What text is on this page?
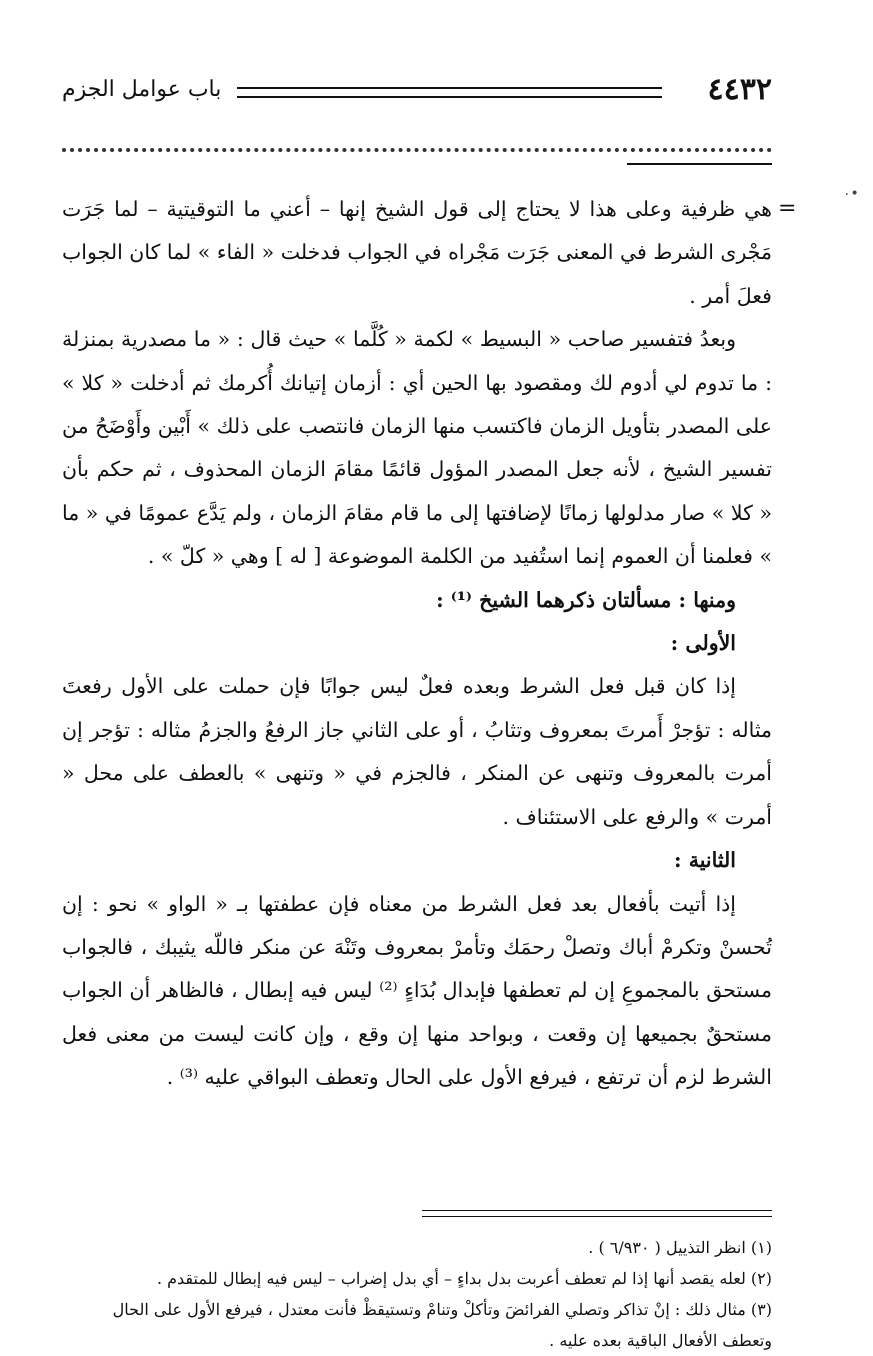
٤٤٣٢
باب عوامل الجزم

هي ظرفية وعلى هذا لا يحتاج إلى قول الشيخ إنها – أعني ما التوقيتية – لما جَرَت مَجْرى الشرط في المعنى جَرَت مَجْراه في الجواب فدخلت « الفاء » لما كان الجواب فعلَ أمر .

وبعدُ فتفسير صاحب « البسيط » لكمة « كُلَّما » حيث قال : « ما مصدرية بمنزلة : ما تدوم لي أدوم لك ومقصود بها الحين أي : أزمان إتيانك أُكرمك ثم أدخلت « كلا » على المصدر بتأويل الزمان فاكتسب منها الزمان فانتصب على ذلك » أَبْين وأَوْضَحُ من تفسير الشيخ ، لأنه جعل المصدر المؤول قائمًا مقامَ الزمان المحذوف ، ثم حكم بأن « كلا » صار مدلولها زمانًا لإضافتها إلى ما قام مقامَ الزمان ، ولم يَدَّع عمومًا في « ما » فعلمنا أن العموم إنما استُفيد من الكلمة الموضوعة [ له ] وهي « كلّ » .

ومنها : مسألتان ذكرهما الشيخ ⁽¹⁾ :

الأولى :

إذا كان قبل فعل الشرط وبعده فعلٌ ليس جوابًا فإن حملت على الأول رفعتَ مثاله : تؤجرْ أَمرتَ بمعروف وتثابُ ، أو على الثاني جاز الرفعُ والجزمُ مثاله : تؤجر إن أمرت بالمعروف وتنهى عن المنكر ، فالجزم في « وتنهى » بالعطف على محل « أمرت » والرفع على الاستئناف .

الثانية :

إذا أتيت بأفعال بعد فعل الشرط من معناه فإن عطفتها بـ « الواو » نحو : إن تُحسنْ وتكرمْ أباك وتصلْ رحمَك وتأمرْ بمعروف وتَنْهَ عن منكر فاللّه يثيبك ، فالجواب مستحق بالمجموعِ إن لم تعطفها فإبدال بُدَاءٍ ⁽²⁾ ليس فيه إبطال ، فالظاهر أن الجواب مستحقٌ بجميعها إن وقعت ، وبواحد منها إن وقع ، وإن كانت ليست من معنى فعل الشرط لزم أن ترتفع ، فيرفع الأول على الحال وتعطف البواقي عليه ⁽³⁾ .

(١) انظر التذييل ( ٦/٩٣٠ ) .

(٢) لعله يقصد أنها إذا لم تعطف أعربت بدل بداءٍ – أي بدل إضراب – ليس فيه إبطال للمتقدم .

(٣) مثال ذلك : إنْ تذاكر وتصلي الفرائضَ وتأكلْ وتنامْ وتستيقظْ فأنت معتدل ، فيرفع الأول على الحال

وتعطف الأفعال الباقية بعده عليه .

=
٠•
